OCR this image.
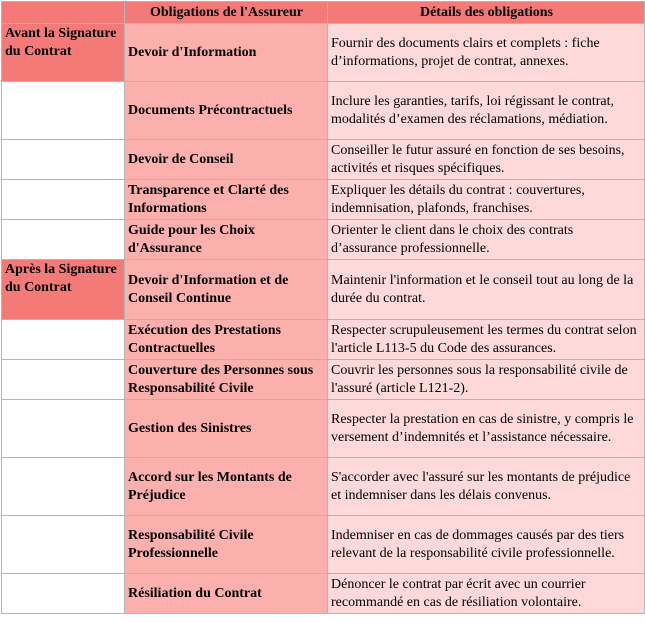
	Obligations de l'Assureur	Détails des obligations
Avant la Signature du Contrat	Devoir d'Information	Fournir des documents clairs et complets : fiche d’informations, projet de contrat, annexes.
	Documents Précontractuels	Inclure les garanties, tarifs, loi régissant le contrat, modalités d’examen des réclamations, médiation.
	Devoir de Conseil	Conseiller le futur assuré en fonction de ses besoins, activités et risques spécifiques.
	Transparence et Clarté des Informations	Expliquer les détails du contrat : couvertures, indemnisation, plafonds, franchises.
	Guide pour les Choix d'Assurance	Orienter le client dans le choix des contrats d’assurance professionnelle.
Après la Signature du Contrat	Devoir d'Information et de Conseil Continue	Maintenir l'information et le conseil tout au long de la durée du contrat.
	Exécution des Prestations Contractuelles	Respecter scrupuleusement les termes du contrat selon l'article L113-5 du Code des assurances.
	Couverture des Personnes sous Responsabilité Civile	Couvrir les personnes sous la responsabilité civile de l'assuré (article L121-2).
	Gestion des Sinistres	Respecter la prestation en cas de sinistre, y compris le versement d’indemnités et l’assistance nécessaire.
	Accord sur les Montants de Préjudice	S'accorder avec l'assuré sur les montants de préjudice et indemniser dans les délais convenus.
	Responsabilité Civile Professionnelle	Indemniser en cas de dommages causés par des tiers relevant de la responsabilité civile professionnelle.
	Résiliation du Contrat	Dénoncer le contrat par écrit avec un courrier recommandé en cas de résiliation volontaire.
